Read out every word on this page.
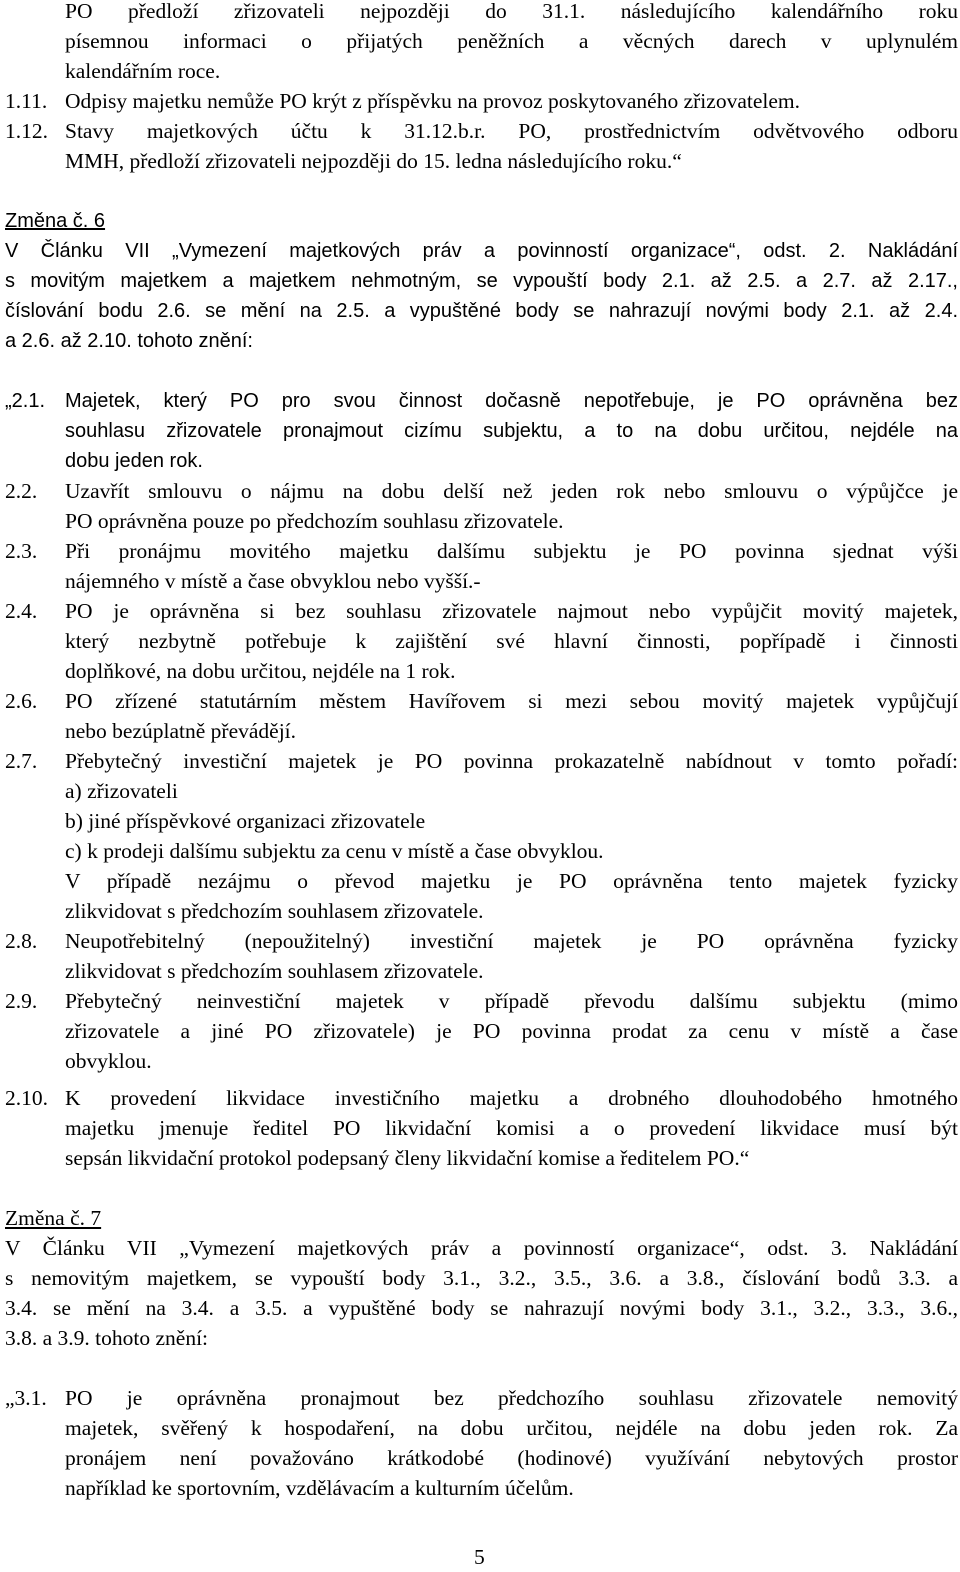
PO předloží zřizovateli nejpozději do 31.1. následujícího kalendářního roku
písemnou informaci o přijatých peněžních a věcných darech v uplynulém
kalendářním roce.
1.11. Odpisy majetku nemůže PO krýt z příspěvku na provoz poskytovaného zřizovatelem.
1.12. Stavy majetkových účtu k 31.12.b.r. PO, prostřednictvím odvětvového odboru
MMH, předloží zřizovateli nejpozději do 15. ledna následujícího roku.“
Změna č. 6
V Článku VII „Vymezení majetkových práv a povinností organizace“, odst. 2. Nakládání
s movitým majetkem a majetkem nehmotným, se vypouští body 2.1. až 2.5. a 2.7. až 2.17.,
číslování bodu 2.6. se mění na 2.5. a vypuštěné body se nahrazují novými body 2.1. až 2.4.
a 2.6. až 2.10. tohoto znění:
„2.1. Majetek, který PO pro svou činnost dočasně nepotřebuje, je PO oprávněna bez
souhlasu zřizovatele pronajmout cizímu subjektu, a to na dobu určitou, nejdéle na
dobu jeden rok.
2.2. Uzavřít smlouvu o nájmu na dobu delší než jeden rok nebo smlouvu o výpůjčce je
PO oprávněna pouze po předchozím souhlasu zřizovatele.
2.3. Při pronájmu movitého majetku dalšímu subjektu je PO povinna sjednat výši
nájemného v místě a čase obvyklou nebo vyšší.-
2.4. PO je oprávněna si bez souhlasu zřizovatele najmout nebo vypůjčit movitý majetek,
který nezbytně potřebuje k zajištění své hlavní činnosti, popřípadě i činnosti
doplňkové, na dobu určitou, nejdéle na 1 rok.
2.6. PO zřízené statutárním městem Havířovem si mezi sebou movitý majetek vypůjčují
nebo bezúplatně převádějí.
2.7. Přebytečný investiční majetek je PO povinna prokazatelně nabídnout v tomto pořadí:
a) zřizovateli
b) jiné příspěvkové organizaci zřizovatele
c) k prodeji dalšímu subjektu za cenu v místě a čase obvyklou.
V případě nezájmu o převod majetku je PO oprávněna tento majetek fyzicky
zlikvidovat s předchozím souhlasem zřizovatele.
2.8. Neupotřebitelný (nepoužitelný) investiční majetek je PO oprávněna fyzicky
zlikvidovat s předchozím souhlasem zřizovatele.
2.9. Přebytečný neinvestiční majetek v případě převodu dalšímu subjektu (mimo
zřizovatele a jiné PO zřizovatele) je PO povinna prodat za cenu v místě a čase
obvyklou.
2.10. K provedení likvidace investičního majetku a drobného dlouhodobého hmotného
majetku jmenuje ředitel PO likvidační komisi a o provedení likvidace musí být
sepsán likvidační protokol podepsaný členy likvidační komise a ředitelem PO.“
Změna č. 7
V Článku VII „Vymezení majetkových práv a povinností organizace“, odst. 3. Nakládání
s nemovitým majetkem, se vypouští body 3.1., 3.2., 3.5., 3.6. a 3.8., číslování bodů 3.3. a
3.4. se mění na 3.4. a 3.5. a vypuštěné body se nahrazují novými body 3.1., 3.2., 3.3., 3.6.,
3.8. a 3.9. tohoto znění:
„3.1. PO je oprávněna pronajmout bez předchozího souhlasu zřizovatele nemovitý
majetek, svěřený k hospodaření, na dobu určitou, nejdéle na dobu jeden rok. Za
pronájem není považováno krátkodobé (hodinové) využívání nebytových prostor
například ke sportovním, vzdělávacím a kulturním účelům.
5
